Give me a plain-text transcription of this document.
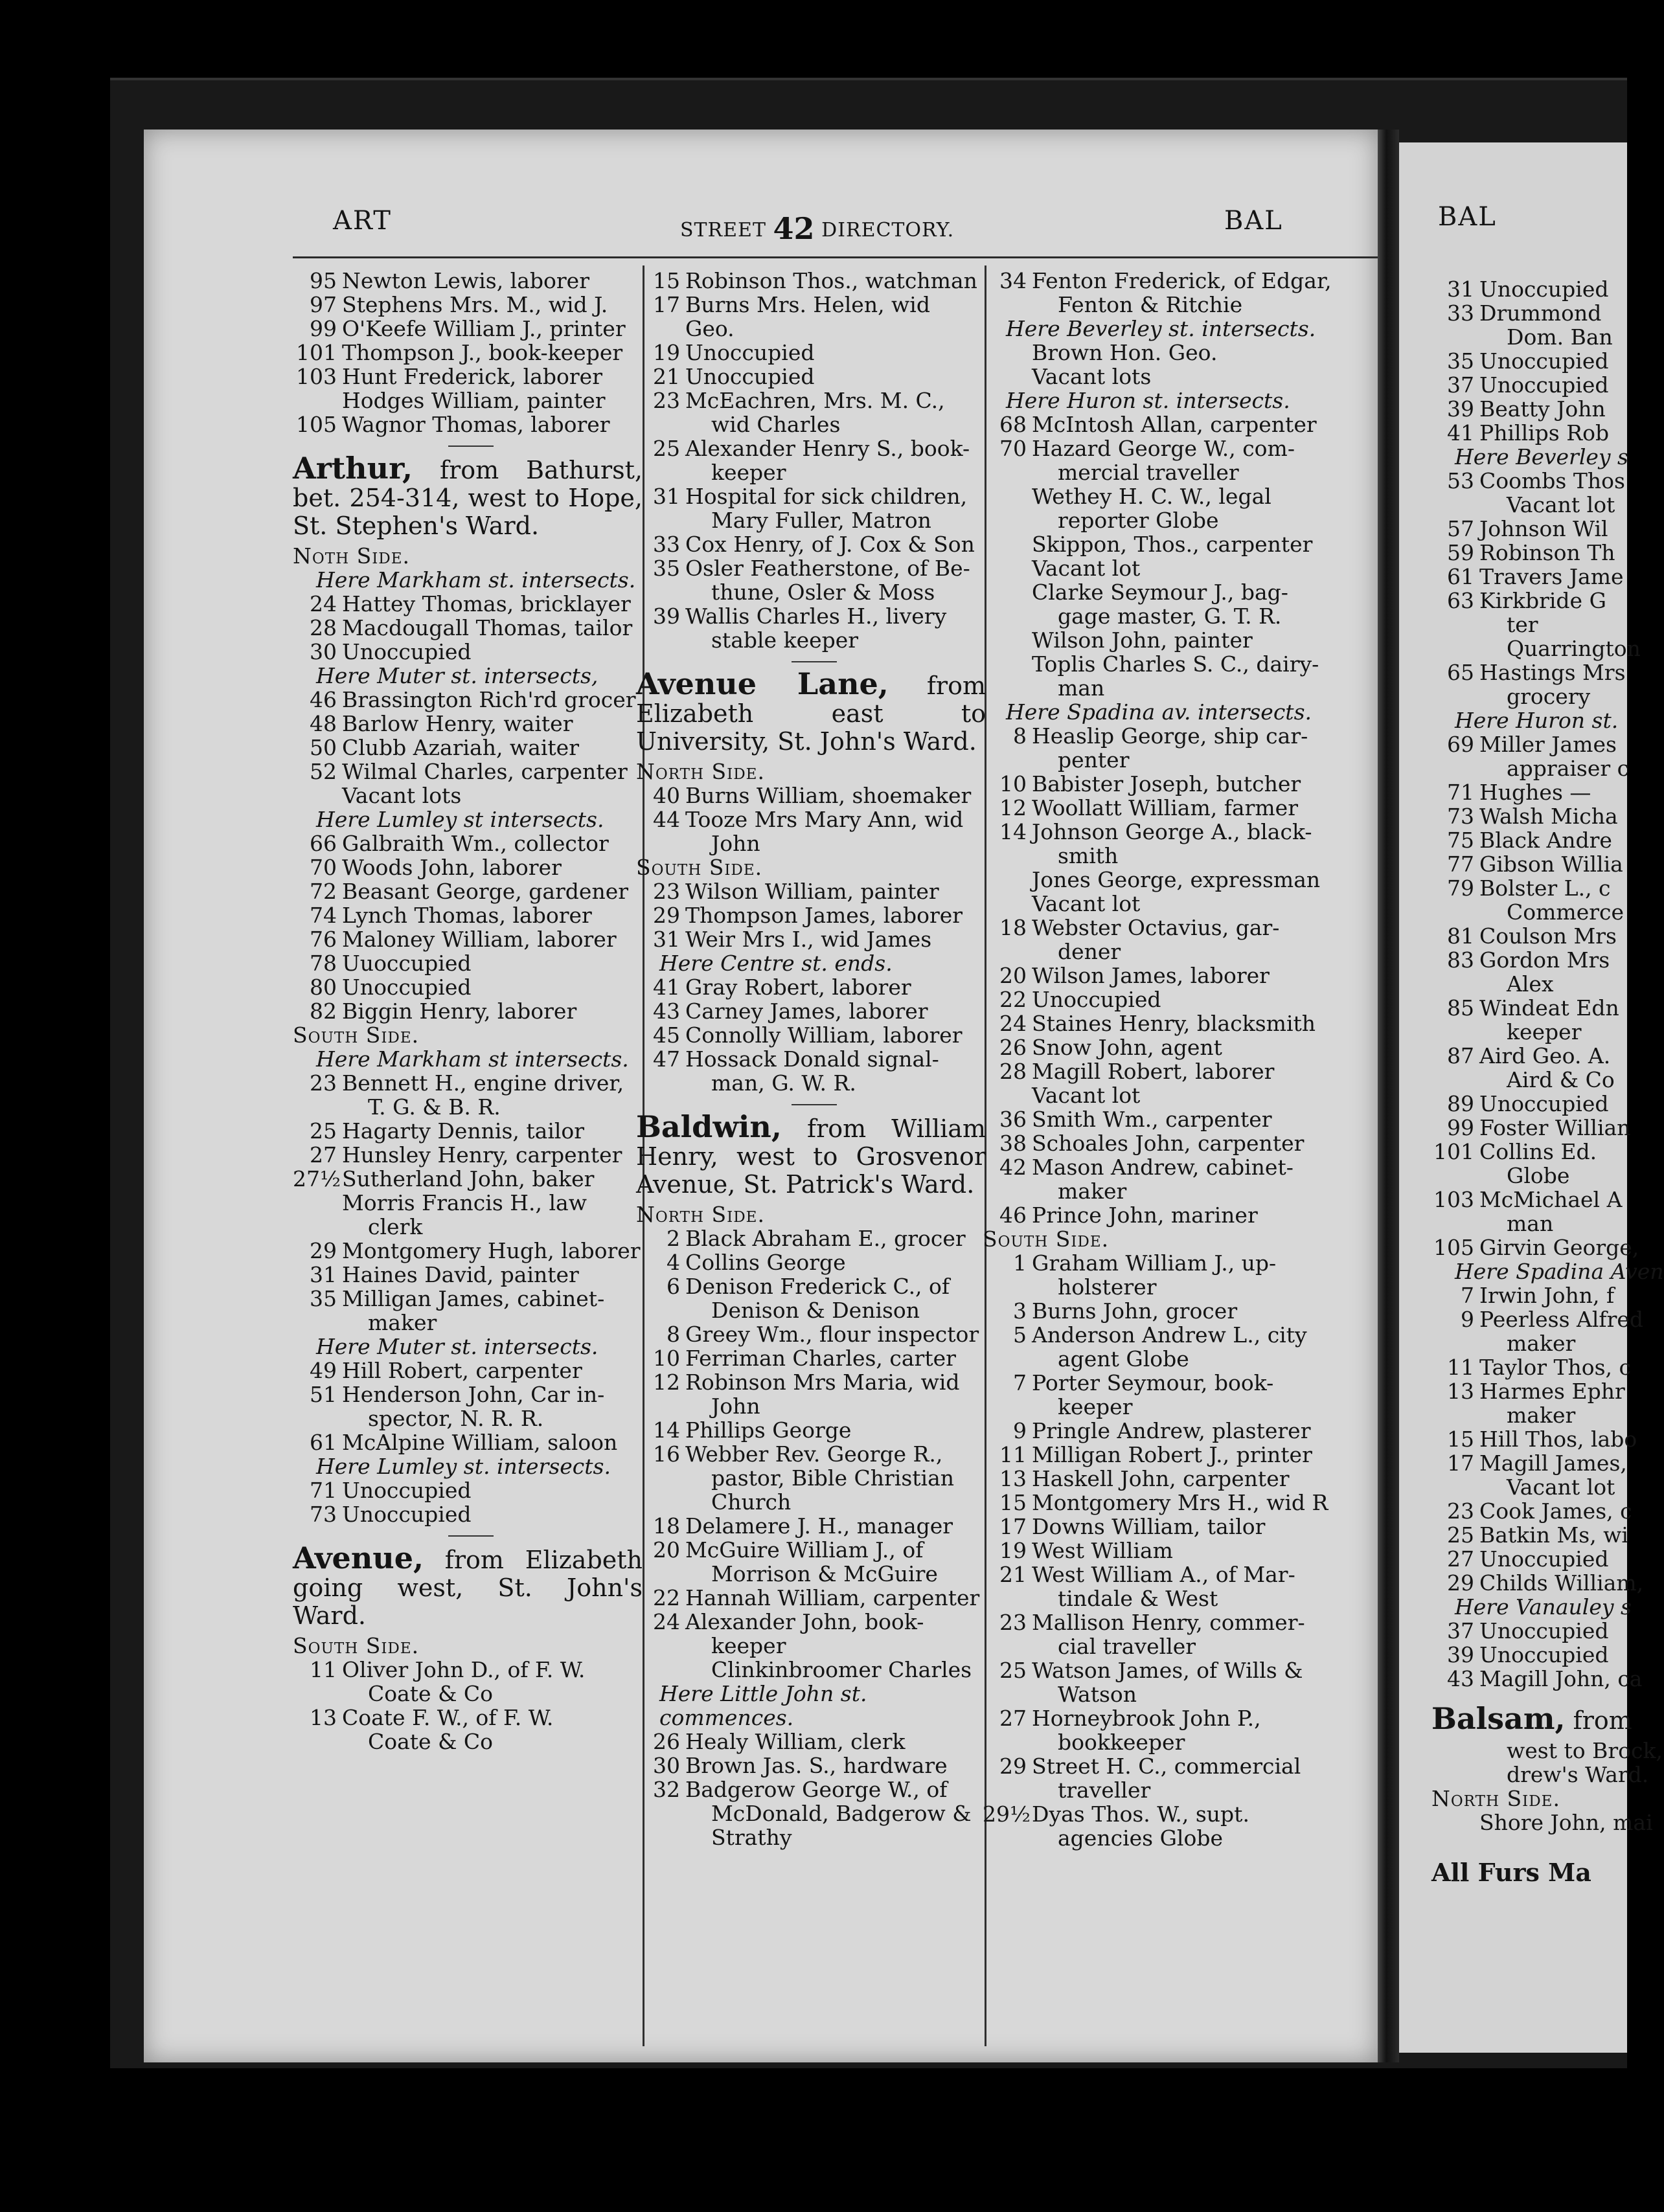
ART	STREET 42 DIRECTORY.	BAL
95 Newton Lewis, laborer
97 Stephens Mrs. M., wid J.
99 O'Keefe William J., printer
101 Thompson J., book-keeper
103 Hunt Frederick, laborer
Hodges William, painter
105 Wagnor Thomas, laborer
Arthur, from Bathurst, bet. 254-314, west to Hope, St. Stephen's Ward.
Noth Side.
Here Markham st. intersects.
24 Hattey Thomas, bricklayer
28 Macdougall Thomas, tailor
30 Unoccupied
Here Muter st. intersects,
46 Brassington Rich'rd grocer
48 Barlow Henry, waiter
50 Clubb Azariah, waiter
52 Wilmal Charles, carpenter
Vacant lots
Here Lumley st intersects.
66 Galbraith Wm., collector
70 Woods John, laborer
72 Beasant George, gardener
74 Lynch Thomas, laborer
76 Maloney William, laborer
78 Uuoccupied
80 Unoccupied
82 Biggin Henry, laborer
South Side.
Here Markham st intersects.
23 Bennett H., engine driver,
T. G. & B. R.
25 Hagarty Dennis, tailor
27 Hunsley Henry, carpenter
27½ Sutherland John, baker
Morris Francis H., law
clerk
29 Montgomery Hugh, laborer
31 Haines David, painter
35 Milligan James, cabinet-
maker
Here Muter st. intersects.
49 Hill Robert, carpenter
51 Henderson John, Car in-
spector, N. R. R.
61 McAlpine William, saloon
Here Lumley st. intersects.
71 Unoccupied
73 Unoccupied
Avenue, from Elizabeth going west, St. John's Ward.
South Side.
11 Oliver John D., of F. W.
Coate & Co
13 Coate F. W., of F. W.
Coate & Co
15 Robinson Thos., watchman
17 Burns Mrs. Helen, wid Geo.
19 Unoccupied
21 Unoccupied
23 McEachren, Mrs. M. C.,
wid Charles
25 Alexander Henry S., book-
keeper
31 Hospital for sick children,
Mary Fuller, Matron
33 Cox Henry, of J. Cox & Son
35 Osler Featherstone, of Be-
thune, Osler & Moss
39 Wallis Charles H., livery
stable keeper
Avenue Lane, from Elizabeth east to University, St. John's Ward.
North Side.
40 Burns William, shoemaker
44 Tooze Mrs Mary Ann, wid
John
South Side.
23 Wilson William, painter
29 Thompson James, laborer
31 Weir Mrs I., wid James
Here Centre st. ends.
41 Gray Robert, laborer
43 Carney James, laborer
45 Connolly William, laborer
47 Hossack Donald signal-
man, G. W. R.
Baldwin, from William Henry, west to Grosvenor Avenue, St. Patrick's Ward.
North Side.
2 Black Abraham E., grocer
4 Collins George
6 Denison Frederick C., of
Denison & Denison
8 Greey Wm., flour inspector
10 Ferriman Charles, carter
12 Robinson Mrs Maria, wid
John
14 Phillips George
16 Webber Rev. George R.,
pastor, Bible Christian
Church
18 Delamere J. H., manager
20 McGuire William J., of
Morrison & McGuire
22 Hannah William, carpenter
24 Alexander John, book-
keeper
Clinkinbroomer Charles
Here Little John st. commences.
26 Healy William, clerk
30 Brown Jas. S., hardware
32 Badgerow George W., of
McDonald, Badgerow &
Strathy
34 Fenton Frederick, of Edgar,
Fenton & Ritchie
Here Beverley st. intersects.
Brown Hon. Geo.
Vacant lots
Here Huron st. intersects.
68 McIntosh Allan, carpenter
70 Hazard George W., com-
mercial traveller
Wethey H. C. W., legal
reporter Globe
Skippon, Thos., carpenter
Vacant lot
Clarke Seymour J., bag-
gage master, G. T. R.
Wilson John, painter
Toplis Charles S. C., dairy-
man
Here Spadina av. intersects.
8 Heaslip George, ship car-
penter
10 Babister Joseph, butcher
12 Woollatt William, farmer
14 Johnson George A., black-
smith
Jones George, expressman
Vacant lot
18 Webster Octavius, gar-
dener
20 Wilson James, laborer
22 Unoccupied
24 Staines Henry, blacksmith
26 Snow John, agent
28 Magill Robert, laborer
Vacant lot
36 Smith Wm., carpenter
38 Schoales John, carpenter
42 Mason Andrew, cabinet-
maker
46 Prince John, mariner
South Side.
1 Graham William J., up-
holsterer
3 Burns John, grocer
5 Anderson Andrew L., city
agent Globe
7 Porter Seymour, book-
keeper
9 Pringle Andrew, plasterer
11 Milligan Robert J., printer
13 Haskell John, carpenter
15 Montgomery Mrs H., wid R
17 Downs William, tailor
19 West William
21 West William A., of Mar-
tindale & West
23 Mallison Henry, commer-
cial traveller
25 Watson James, of Wills &
Watson
27 Horneybrook John P.,
bookkeeper
29 Street H. C., commercial
traveller
29½ Dyas Thos. W., supt.
agencies Globe
BAL
31 Unoccupied
33 Drummond
Dom. Ban
35 Unoccupied
37 Unoccupied
39 Beatty John
41 Phillips Rob
Here Beverley s
53 Coombs Thos
Vacant lot
57 Johnson Wil
59 Robinson Th
61 Travers Jame
63 Kirkbride G
ter
Quarrington
65 Hastings Mrs
grocery
Here Huron st.
69 Miller James
appraiser c
71 Hughes —
73 Walsh Micha
75 Black Andre
77 Gibson Willia
79 Bolster L., c
Commerce
81 Coulson Mrs
83 Gordon Mrs
Alex
85 Windeat Edn
keeper
87 Aird Geo. A.
Aird & Co
89 Unoccupied
99 Foster Willian
101 Collins Ed.
Globe
103 McMichael A
man
105 Girvin George,
Here Spadina Aven
7 Irwin John, f
9 Peerless Alfred
maker
11 Taylor Thos, c
13 Harmes Ephr
maker
15 Hill Thos, labo
17 Magill James,
Vacant lot
23 Cook James, c
25 Batkin Ms, wi
27 Unoccupied
29 Childs William,
Here Vanauley s
37 Unoccupied
39 Unoccupied
43 Magill John, ca
Balsam, from
west to Brock,
drew's Ward.
North Side.
Shore John, mai
All Furs Ma
